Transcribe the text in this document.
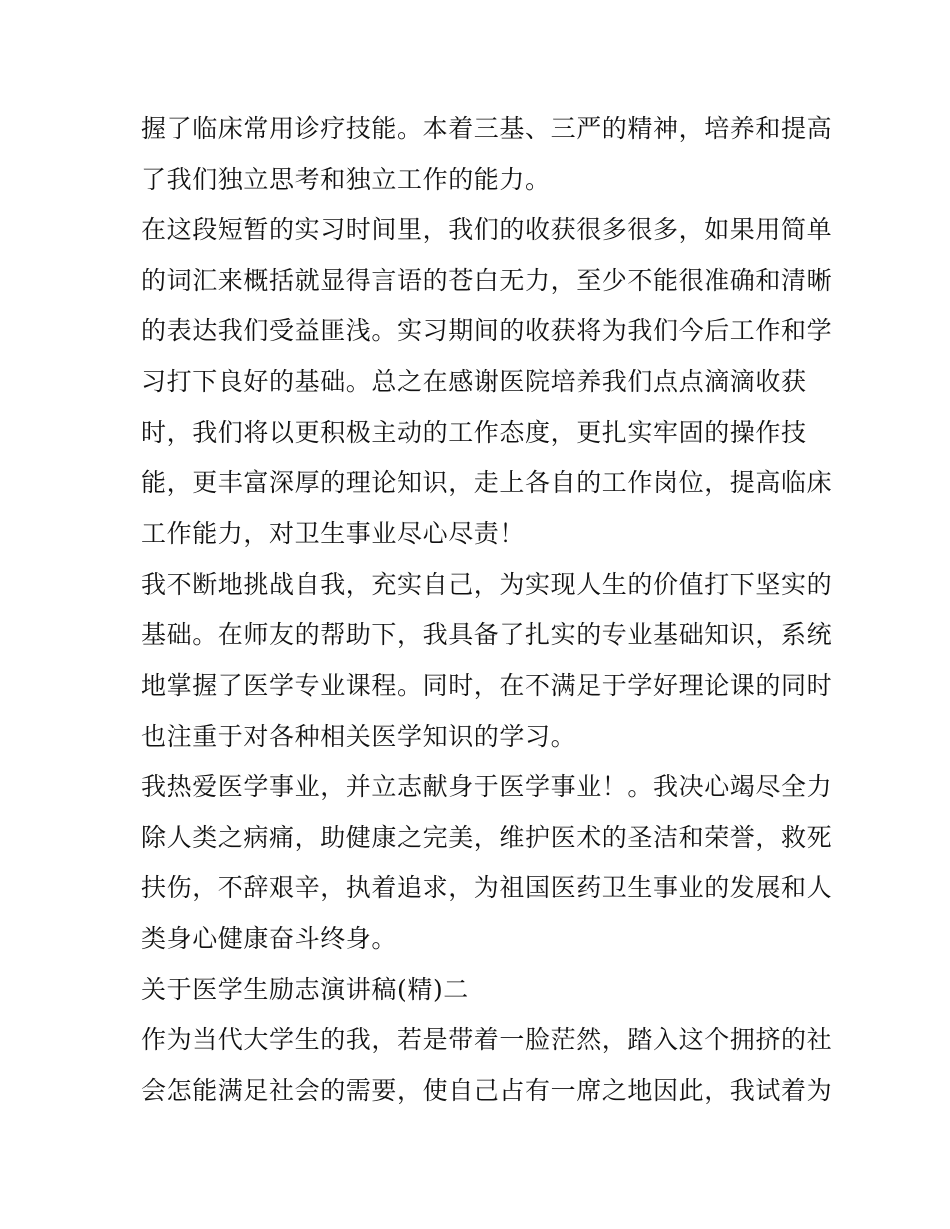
握了临床常用诊疗技能。本着三基、三严的精神，培养和提高
了我们独立思考和独立工作的能力。
在这段短暂的实习时间里，我们的收获很多很多，如果用简单
的词汇来概括就显得言语的苍白无力，至少不能很准确和清晰
的表达我们受益匪浅。实习期间的收获将为我们今后工作和学
习打下良好的基础。总之在感谢医院培养我们点点滴滴收获
时，我们将以更积极主动的工作态度，更扎实牢固的操作技
能，更丰富深厚的理论知识，走上各自的工作岗位，提高临床
工作能力，对卫生事业尽心尽责！
我不断地挑战自我，充实自己，为实现人生的价值打下坚实的
基础。在师友的帮助下，我具备了扎实的专业基础知识，系统
地掌握了医学专业课程。同时，在不满足于学好理论课的同时
也注重于对各种相关医学知识的学习。
我热爱医学事业，并立志献身于医学事业！。我决心竭尽全力
除人类之病痛，助健康之完美，维护医术的圣洁和荣誉，救死
扶伤，不辞艰辛，执着追求，为祖国医药卫生事业的发展和人
类身心健康奋斗终身。
关于医学生励志演讲稿(精)二
作为当代大学生的我，若是带着一脸茫然，踏入这个拥挤的社
会怎能满足社会的需要，使自己占有一席之地因此，我试着为
